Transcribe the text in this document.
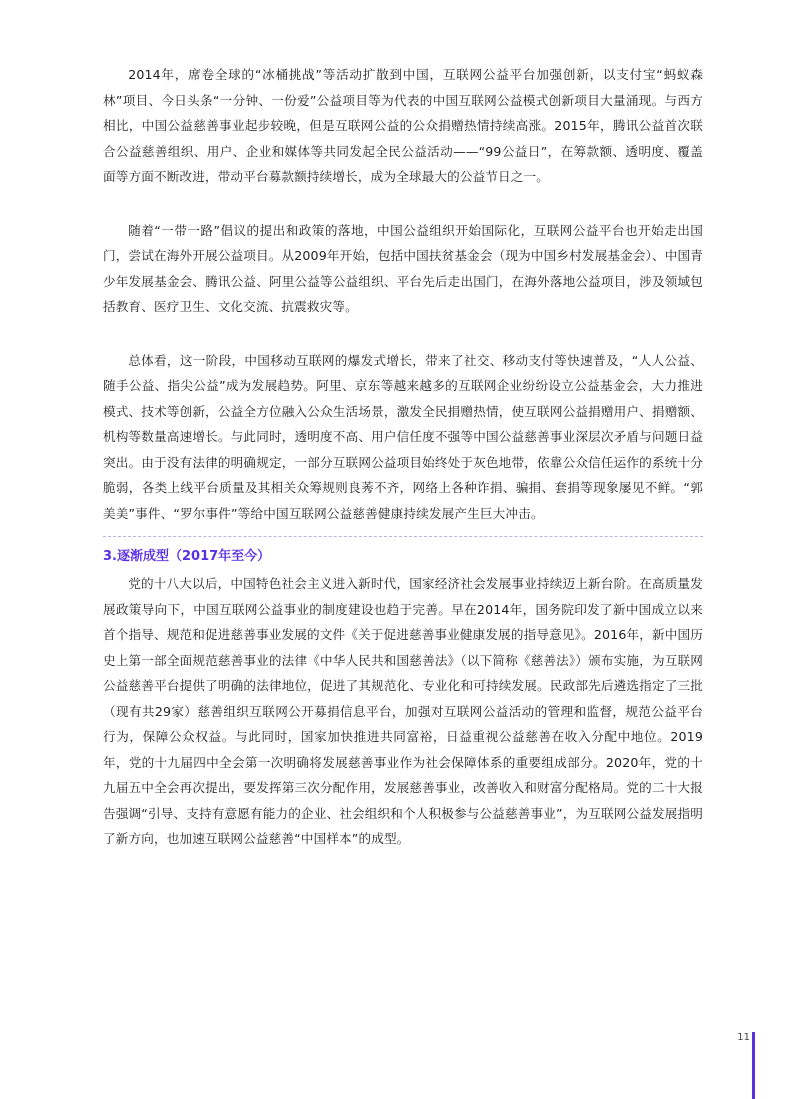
2014年，席卷全球的“冰桶挑战”等活动扩散到中国，互联网公益平台加强创新，以支付宝“蚂蚁森林”项目、今日头条“一分钟、一份爱”公益项目等为代表的中国互联网公益模式创新项目大量涌现。与西方相比，中国公益慈善事业起步较晚，但是互联网公益的公众捐赠热情持续高涨。2015年，腾讯公益首次联合公益慈善组织、用户、企业和媒体等共同发起全民公益活动——“99公益日”，在筹款额、透明度、覆盖面等方面不断改进，带动平台募款额持续增长，成为全球最大的公益节日之一。

随着“一带一路”倡议的提出和政策的落地，中国公益组织开始国际化，互联网公益平台也开始走出国门，尝试在海外开展公益项目。从2009年开始，包括中国扶贫基金会（现为中国乡村发展基金会）、中国青少年发展基金会、腾讯公益、阿里公益等公益组织、平台先后走出国门，在海外落地公益项目，涉及领域包括教育、医疗卫生、文化交流、抗震救灾等。

总体看，这一阶段，中国移动互联网的爆发式增长，带来了社交、移动支付等快速普及，“人人公益、随手公益、指尖公益”成为发展趋势。阿里、京东等越来越多的互联网企业纷纷设立公益基金会，大力推进模式、技术等创新，公益全方位融入公众生活场景，激发全民捐赠热情，使互联网公益捐赠用户、捐赠额、机构等数量高速增长。与此同时，透明度不高、用户信任度不强等中国公益慈善事业深层次矛盾与问题日益突出。由于没有法律的明确规定，一部分互联网公益项目始终处于灰色地带，依靠公众信任运作的系统十分脆弱，各类上线平台质量及其相关众筹规则良莠不齐，网络上各种诈捐、骗捐、套捐等现象屡见不鲜。“郭美美”事件、“罗尔事件”等给中国互联网公益慈善健康持续发展产生巨大冲击。

3.逐渐成型（2017年至今）

党的十八大以后，中国特色社会主义进入新时代，国家经济社会发展事业持续迈上新台阶。在高质量发展政策导向下，中国互联网公益事业的制度建设也趋于完善。早在2014年，国务院印发了新中国成立以来首个指导、规范和促进慈善事业发展的文件《关于促进慈善事业健康发展的指导意见》。2016年，新中国历史上第一部全面规范慈善事业的法律《中华人民共和国慈善法》（以下简称《慈善法》）颁布实施，为互联网公益慈善平台提供了明确的法律地位，促进了其规范化、专业化和可持续发展。民政部先后遴选指定了三批（现有共29家）慈善组织互联网公开募捐信息平台，加强对互联网公益活动的管理和监督，规范公益平台行为，保障公众权益。与此同时，国家加快推进共同富裕，日益重视公益慈善在收入分配中地位。2019年，党的十九届四中全会第一次明确将发展慈善事业作为社会保障体系的重要组成部分。2020年，党的十九届五中全会再次提出，要发挥第三次分配作用，发展慈善事业，改善收入和财富分配格局。党的二十大报告强调“引导、支持有意愿有能力的企业、社会组织和个人积极参与公益慈善事业”，为互联网公益发展指明了新方向，也加速互联网公益慈善“中国样本”的成型。

11
